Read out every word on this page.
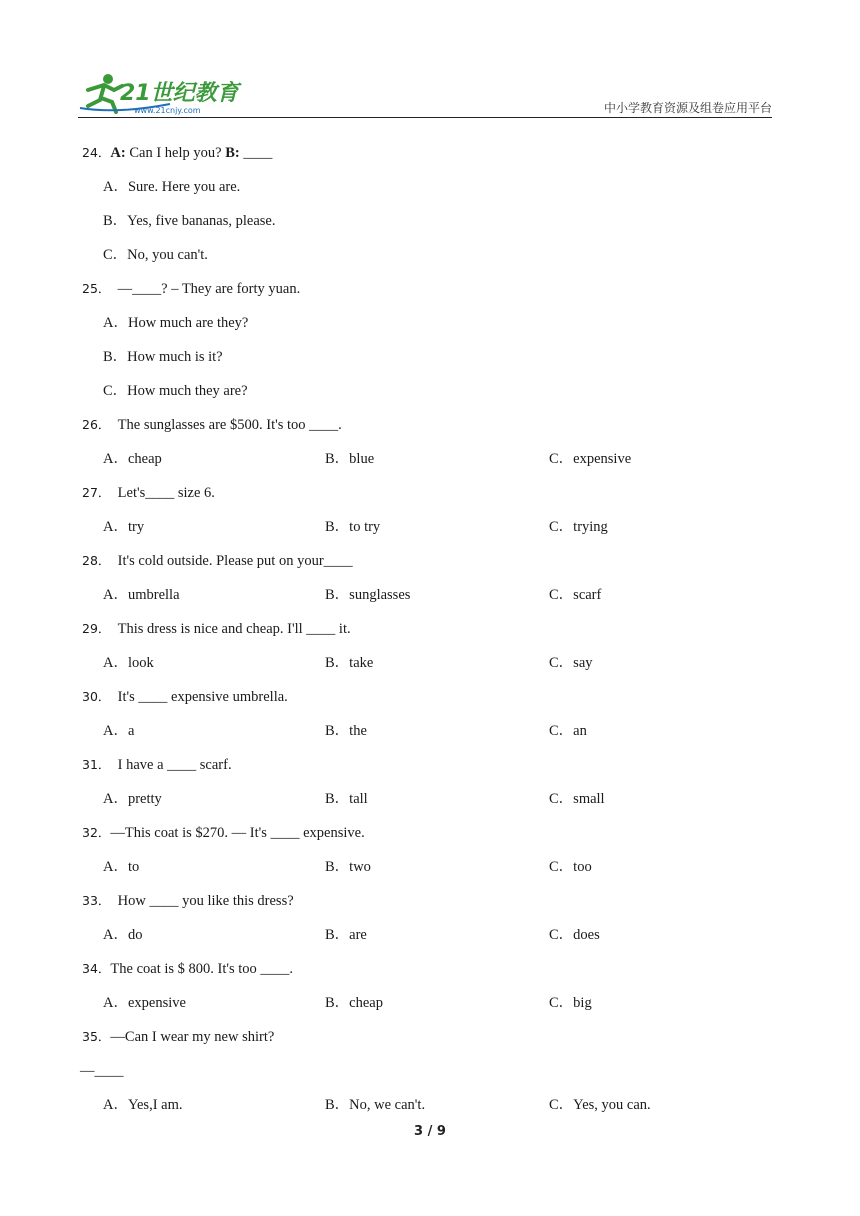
21世纪教育
www.21cnjy.com	中小学教育资源及组卷应用平台
24．A: Can I help you? B: ____
A．Sure. Here you are.
B．Yes, five bananas, please.
C．No, you can't.
25． —____? – They are forty yuan.
A．How much are they?
B．How much is it?
C．How much they are?
26． The sunglasses are $500. It's too ____.
A．cheap	B．blue	C．expensive
27． Let's____ size 6.
A．try	B．to try	C．trying
28． It's cold outside. Please put on your____
A．umbrella	B．sunglasses	C．scarf
29． This dress is nice and cheap. I'll ____ it.
A．look	B．take	C．say
30． It's ____ expensive umbrella.
A．a	B．the	C．an
31． I have a ____ scarf.
A．pretty	B．tall	C．small
32．—This coat is $270. — It's ____ expensive.
A．to	B．two	C．too
33． How ____ you like this dress?
A．do	B．are	C．does
34．The coat is $ 800. It's too ____.
A．expensive	B．cheap	C．big
35．—Can I wear my new shirt?
—____
A．Yes,I am.	B．No, we can't.	C．Yes, you can.
3 / 9
